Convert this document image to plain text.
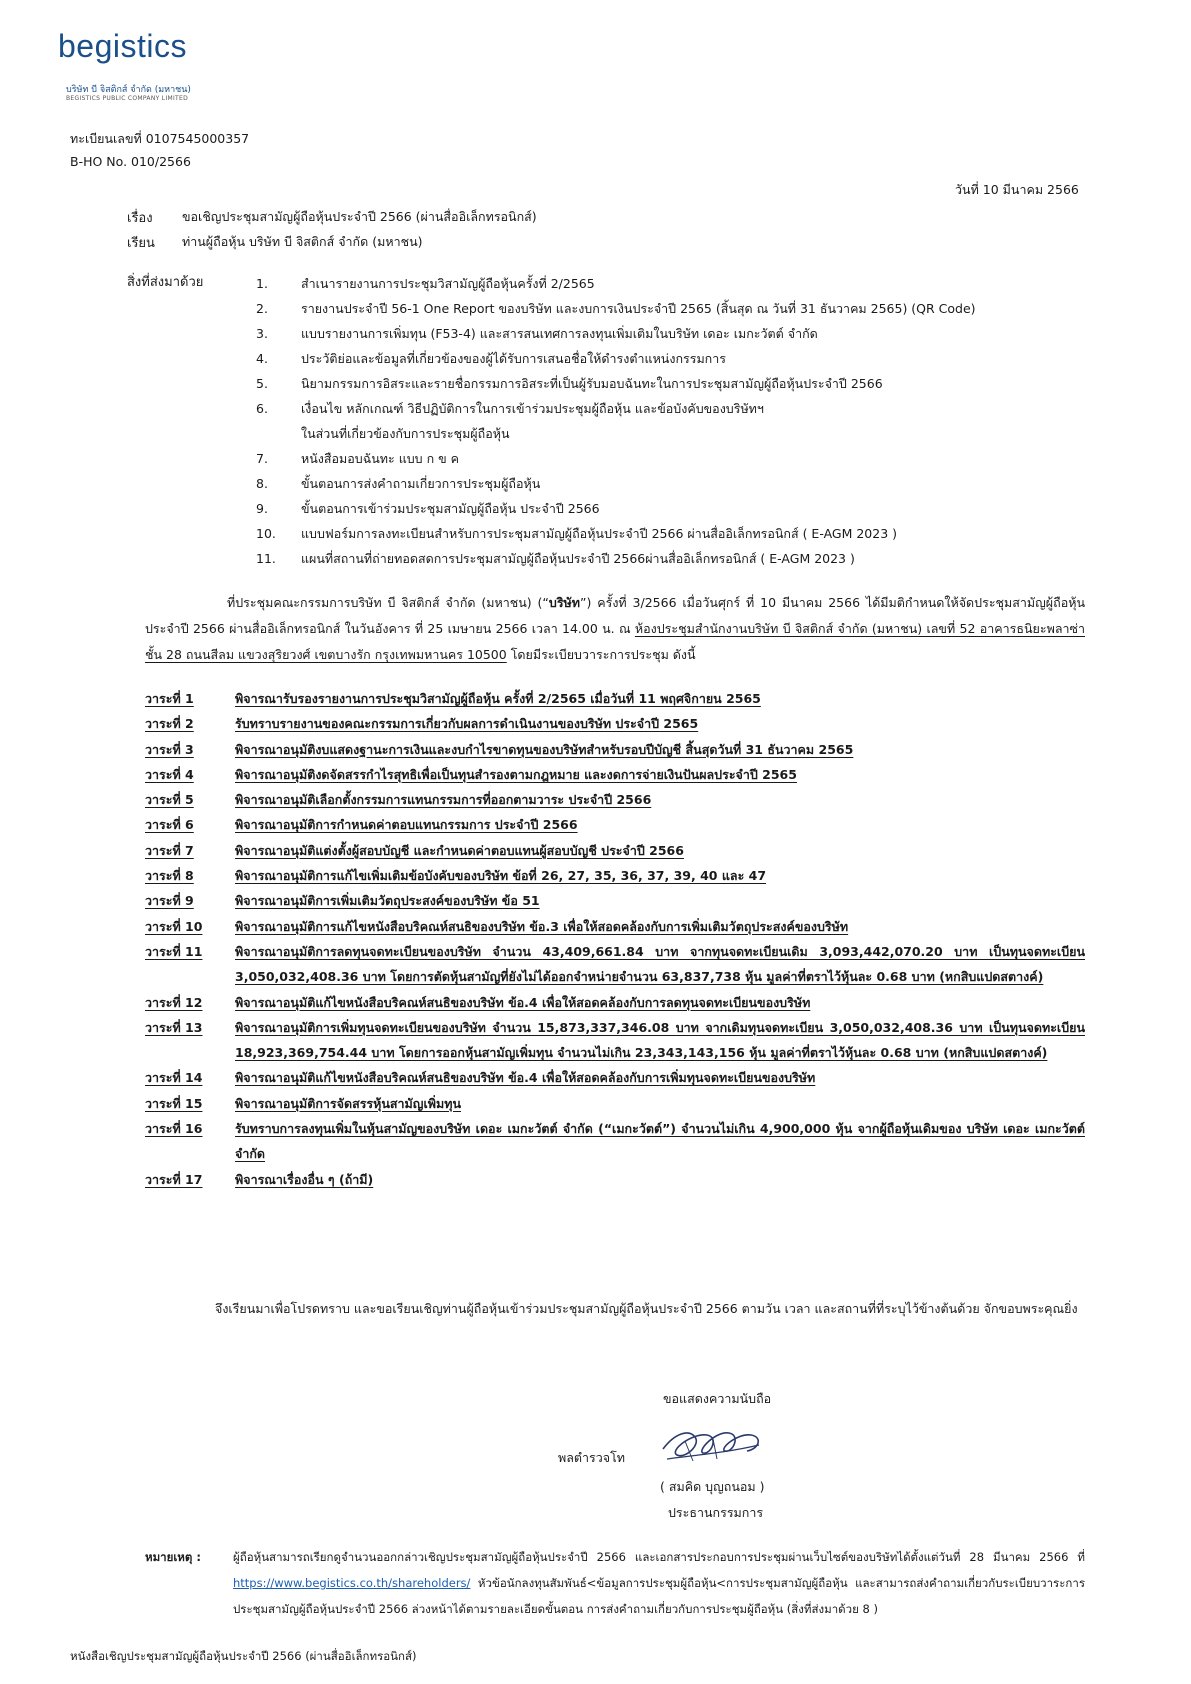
begistics
บริษัท บี จิสติกส์ จำกัด (มหาชน)
BEGISTICS PUBLIC COMPANY LIMITED
ทะเบียนเลขที่ 0107545000357
B-HO No. 010/2566
วันที่ 10 มีนาคม 2566
เรื่อง ขอเชิญประชุมสามัญผู้ถือหุ้นประจำปี 2566 (ผ่านสื่ออิเล็กทรอนิกส์)
เรียน ท่านผู้ถือหุ้น บริษัท บี จิสติกส์ จำกัด (มหาชน)
สิ่งที่ส่งมาด้วย	1.	สำเนารายงานการประชุมวิสามัญผู้ถือหุ้นครั้งที่ 2/2565
2.	รายงานประจำปี 56-1 One Report ของบริษัท และงบการเงินประจำปี 2565 (สิ้นสุด ณ วันที่ 31 ธันวาคม 2565) (QR Code)
3.	แบบรายงานการเพิ่มทุน (F53-4) และสารสนเทศการลงทุนเพิ่มเติมในบริษัท เดอะ เมกะวัตต์ จำกัด
4.	ประวัติย่อและข้อมูลที่เกี่ยวข้องของผู้ได้รับการเสนอชื่อให้ดำรงตำแหน่งกรรมการ
5.	นิยามกรรมการอิสระและรายชื่อกรรมการอิสระที่เป็นผู้รับมอบฉันทะในการประชุมสามัญผู้ถือหุ้นประจำปี 2566
6.	เงื่อนไข หลักเกณฑ์ วิธีปฏิบัติการในการเข้าร่วมประชุมผู้ถือหุ้น และข้อบังคับของบริษัทฯ
ในส่วนที่เกี่ยวข้องกับการประชุมผู้ถือหุ้น
7.	หนังสือมอบฉันทะ แบบ ก ข ค
8.	ขั้นตอนการส่งคำถามเกี่ยวการประชุมผู้ถือหุ้น
9.	ขั้นตอนการเข้าร่วมประชุมสามัญผู้ถือหุ้น ประจำปี 2566
10. แบบฟอร์มการลงทะเบียนสำหรับการประชุมสามัญผู้ถือหุ้นประจำปี 2566 ผ่านสื่ออิเล็กทรอนิกส์ ( E-AGM 2023 )
11. แผนที่สถานที่ถ่ายทอดสดการประชุมสามัญผู้ถือหุ้นประจำปี 2566ผ่านสื่ออิเล็กทรอนิกส์ ( E-AGM 2023 )
ที่ประชุมคณะกรรมการบริษัท บี จิสติกส์ จำกัด (มหาชน) (“บริษัท”) ครั้งที่ 3/2566 เมื่อวันศุกร์ ที่ 10 มีนาคม 2566 ได้มีมติกำหนดให้จัดประชุมสามัญผู้ถือหุ้นประจำปี 2566 ผ่านสื่ออิเล็กทรอนิกส์ ในวันอังคาร ที่ 25 เมษายน 2566 เวลา 14.00 น. ณ ห้องประชุมสำนักงานบริษัท บี จิสติกส์ จำกัด (มหาชน) เลขที่ 52 อาคารธนิยะพลาซ่า ชั้น 28 ถนนสีลม แขวงสุริยวงศ์ เขตบางรัก กรุงเทพมหานคร 10500 โดยมีระเบียบวาระการประชุม ดังนี้
วาระที่ 1	พิจารณารับรองรายงานการประชุมวิสามัญผู้ถือหุ้น ครั้งที่ 2/2565 เมื่อวันที่ 11 พฤศจิกายน 2565
วาระที่ 2	รับทราบรายงานของคณะกรรมการเกี่ยวกับผลการดำเนินงานของบริษัท ประจำปี 2565
วาระที่ 3	พิจารณาอนุมัติงบแสดงฐานะการเงินและงบกำไรขาดทุนของบริษัทสำหรับรอบปีบัญชี สิ้นสุดวันที่ 31 ธันวาคม 2565
วาระที่ 4	พิจารณาอนุมัติงดจัดสรรกำไรสุทธิเพื่อเป็นทุนสำรองตามกฎหมาย และงดการจ่ายเงินปันผลประจำปี 2565
วาระที่ 5	พิจารณาอนุมัติเลือกตั้งกรรมการแทนกรรมการที่ออกตามวาระ ประจำปี 2566
วาระที่ 6	พิจารณาอนุมัติการกำหนดค่าตอบแทนกรรมการ ประจำปี 2566
วาระที่ 7	พิจารณาอนุมัติแต่งตั้งผู้สอบบัญชี และกำหนดค่าตอบแทนผู้สอบบัญชี ประจำปี 2566
วาระที่ 8	พิจารณาอนุมัติการแก้ไขเพิ่มเติมข้อบังคับของบริษัท ข้อที่ 26, 27, 35, 36, 37, 39, 40 และ 47
วาระที่ 9	พิจารณาอนุมัติการเพิ่มเติมวัตถุประสงค์ของบริษัท ข้อ 51
วาระที่ 10	พิจารณาอนุมัติการแก้ไขหนังสือบริคณห์สนธิของบริษัท ข้อ.3 เพื่อให้สอดคล้องกับการเพิ่มเติมวัตถุประสงค์ของบริษัท
วาระที่ 11	พิจารณาอนุมัติการลดทุนจดทะเบียนของบริษัท จำนวน 43,409,661.84 บาท จากทุนจดทะเบียนเดิม 3,093,442,070.20 บาท เป็นทุนจดทะเบียน 3,050,032,408.36 บาท โดยการตัดหุ้นสามัญที่ยังไม่ได้ออกจำหน่ายจำนวน 63,837,738 หุ้น มูลค่าที่ตราไว้หุ้นละ 0.68 บาท (หกสิบแปดสตางค์)
วาระที่ 12	พิจารณาอนุมัติแก้ไขหนังสือบริคณห์สนธิของบริษัท ข้อ.4 เพื่อให้สอดคล้องกับการลดทุนจดทะเบียนของบริษัท
วาระที่ 13	พิจารณาอนุมัติการเพิ่มทุนจดทะเบียนของบริษัท จำนวน 15,873,337,346.08 บาท จากเดิมทุนจดทะเบียน 3,050,032,408.36 บาท เป็นทุนจดทะเบียน 18,923,369,754.44 บาท โดยการออกหุ้นสามัญเพิ่มทุน จำนวนไม่เกิน 23,343,143,156 หุ้น มูลค่าที่ตราไว้หุ้นละ 0.68 บาท (หกสิบแปดสตางค์)
วาระที่ 14	พิจารณาอนุมัติแก้ไขหนังสือบริคณห์สนธิของบริษัท ข้อ.4 เพื่อให้สอดคล้องกับการเพิ่มทุนจดทะเบียนของบริษัท
วาระที่ 15	พิจารณาอนุมัติการจัดสรรหุ้นสามัญเพิ่มทุน
วาระที่ 16	รับทราบการลงทุนเพิ่มในหุ้นสามัญของบริษัท เดอะ เมกะวัตต์ จำกัด (“เมกะวัตต์”) จำนวนไม่เกิน 4,900,000 หุ้น จากผู้ถือหุ้นเดิมของ บริษัท เดอะ เมกะวัตต์ จำกัด
วาระที่ 17	พิจารณาเรื่องอื่น ๆ (ถ้ามี)
จึงเรียนมาเพื่อโปรดทราบ และขอเรียนเชิญท่านผู้ถือหุ้นเข้าร่วมประชุมสามัญผู้ถือหุ้นประจำปี 2566 ตามวัน เวลา และสถานที่ที่ระบุไว้ข้างต้นด้วย จักขอบพระคุณยิ่ง
ขอแสดงความนับถือ
พลตำรวจโท
( สมคิด บุญถนอม )
ประธานกรรมการ
หมายเหตุ :	ผู้ถือหุ้นสามารถเรียกดูจำนวนออกกล่าวเชิญประชุมสามัญผู้ถือหุ้นประจำปี 2566 และเอกสารประกอบการประชุมผ่านเว็บไซต์ของบริษัทได้ตั้งแต่วันที่ 28 มีนาคม 2566 ที่ https://www.begistics.co.th/shareholders/ หัวข้อนักลงทุนสัมพันธ์<ข้อมูลการประชุมผู้ถือหุ้น<การประชุมสามัญผู้ถือหุ้น และสามารถส่งคำถามเกี่ยวกับระเบียบวาระการประชุมสามัญผู้ถือหุ้นประจำปี 2566 ล่วงหน้าได้ตามรายละเอียดขั้นตอน การส่งคำถามเกี่ยวกับการประชุมผู้ถือหุ้น (สิ่งที่ส่งมาด้วย 8 )
หนังสือเชิญประชุมสามัญผู้ถือหุ้นประจำปี 2566 (ผ่านสื่ออิเล็กทรอนิกส์)
